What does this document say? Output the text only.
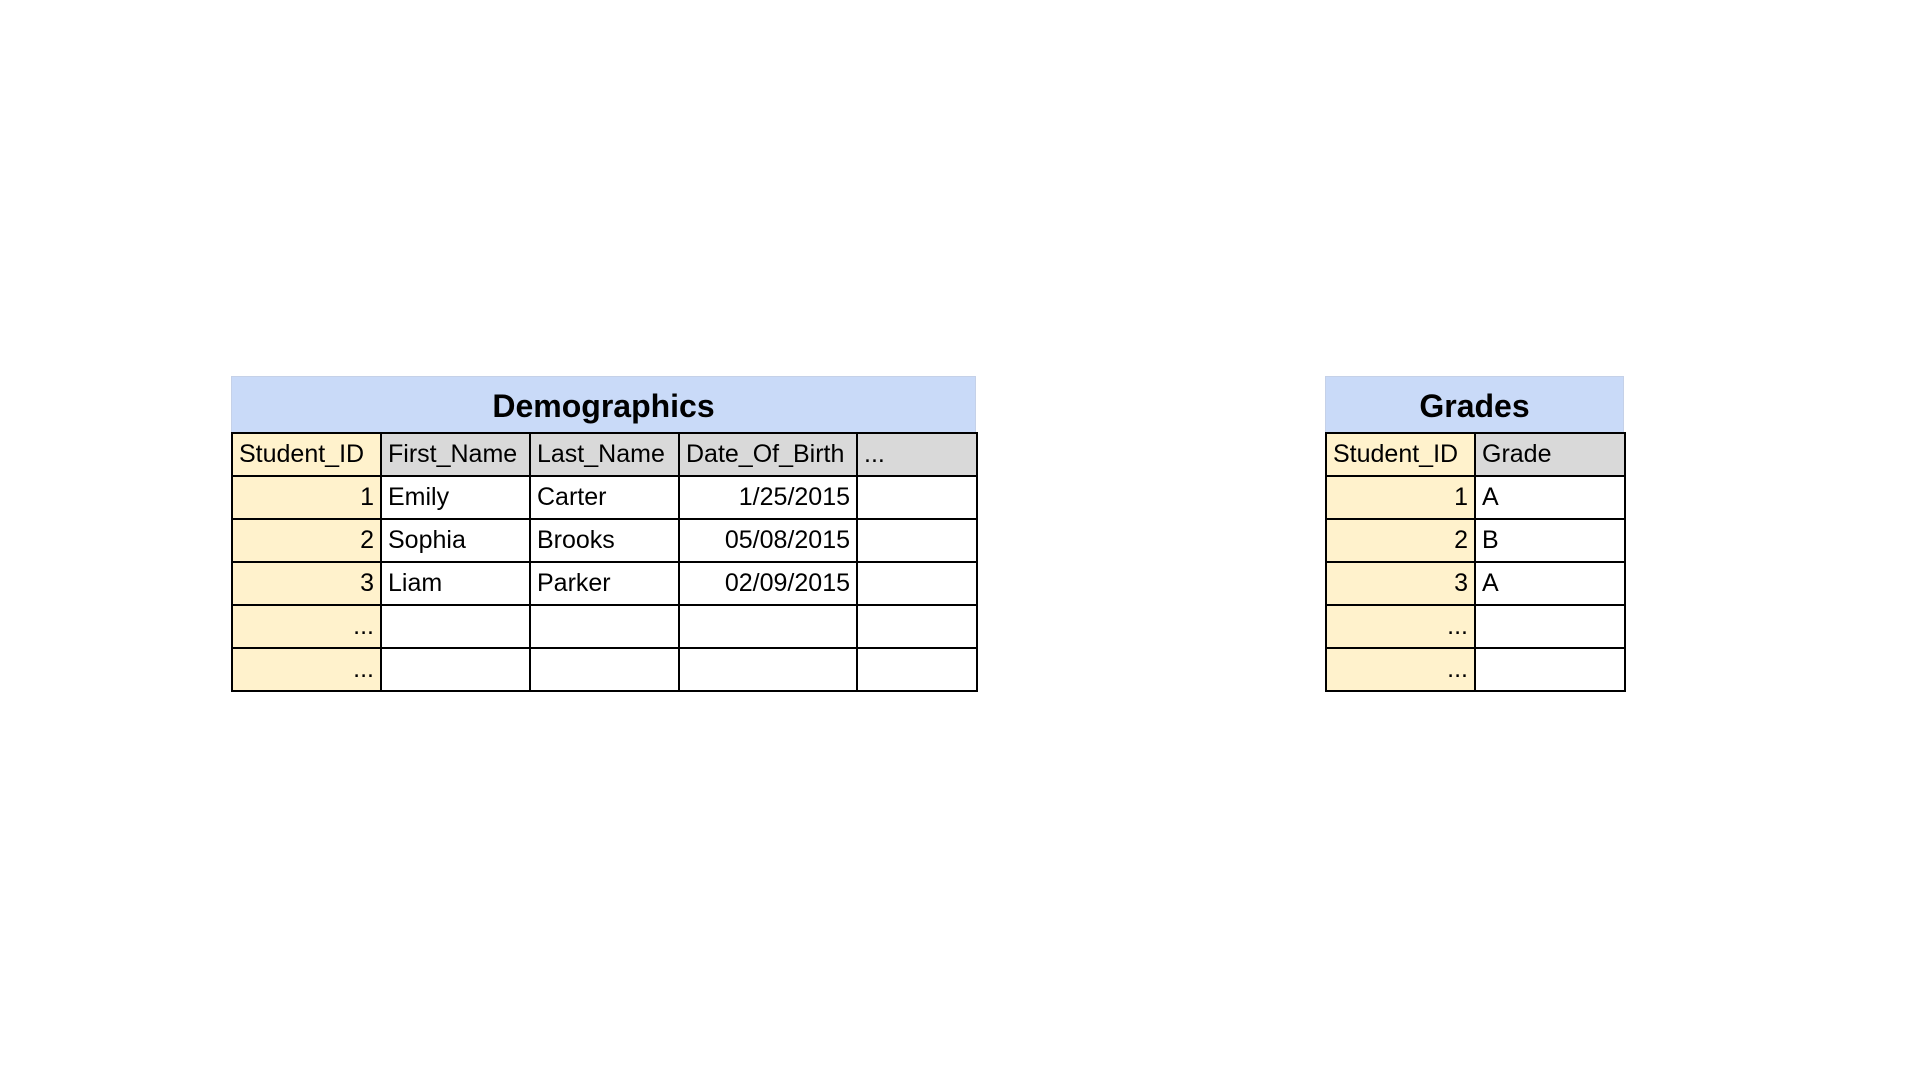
Demographics
Student_ID	First_Name	Last_Name	Date_Of_Birth	...
1	Emily	Carter	1/25/2015	
2	Sophia	Brooks	05/08/2015	
3	Liam	Parker	02/09/2015	
...				
...				
Grades
Student_ID	Grade
1	A
2	B
3	A
...	
...	
